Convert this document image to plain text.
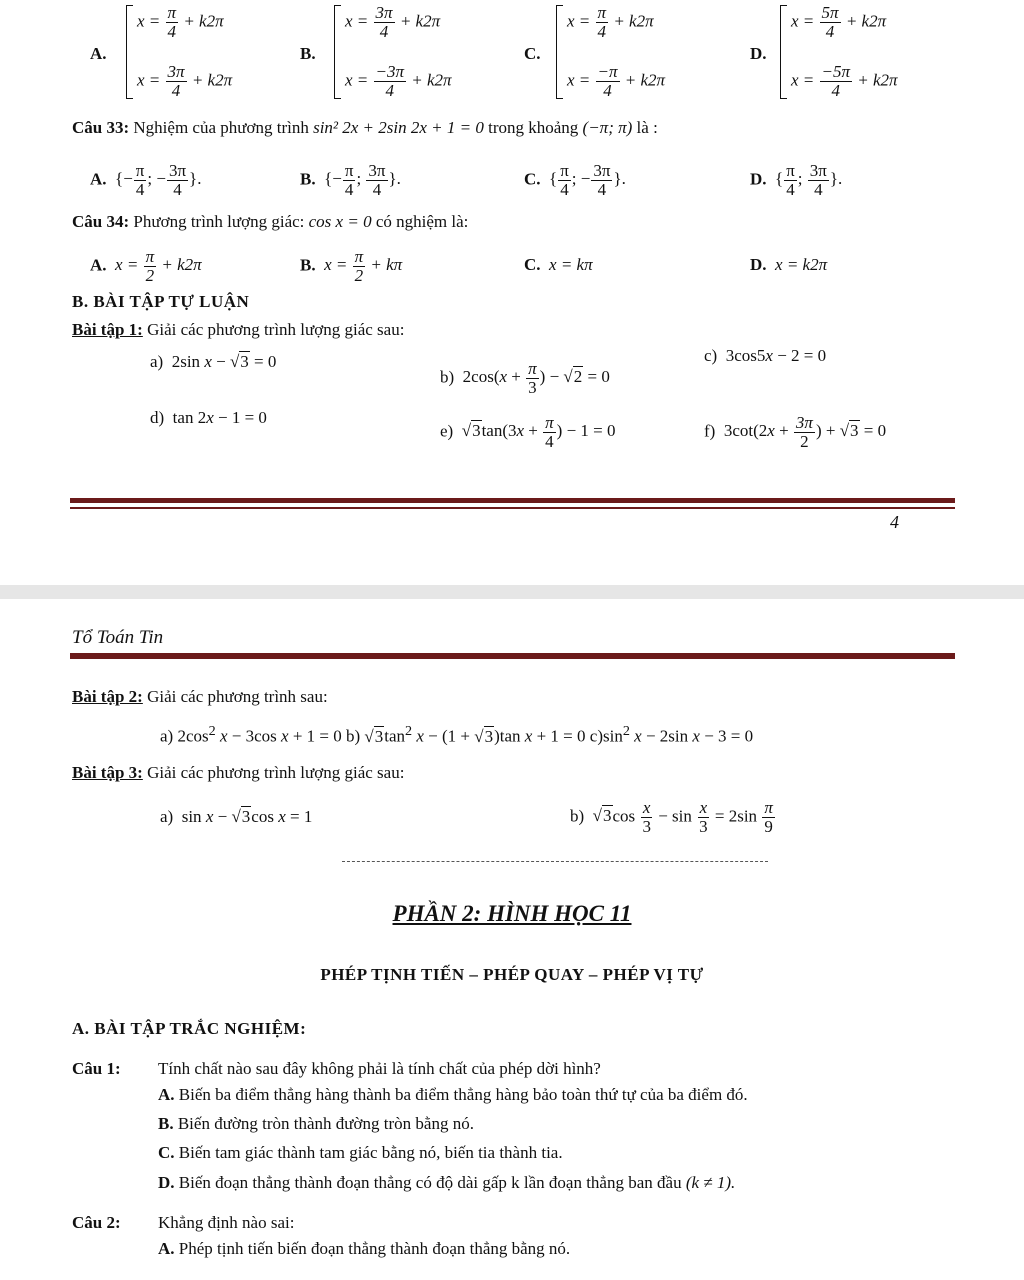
A.
$x = \frac{\pi}{4} + k2\pi$
$x = \frac{3\pi}{4} + k2\pi$
B.
$x = \frac{3\pi}{4} + k2\pi$
$x = \frac{-3\pi}{4} + k2\pi$
C.
$x = \frac{\pi}{4} + k2\pi$
$x = \frac{-\pi}{4} + k2\pi$
D.
$x = \frac{5\pi}{4} + k2\pi$
$x = \frac{-5\pi}{4} + k2\pi$
Câu 33: Nghiệm của phương trình sin² 2x + 2sin 2x + 1 = 0 trong khoảng (−π; π) là :
A. {− $\frac{\pi}{4}$ ; − $\frac{3\pi}{4}$ }.	B. {− $\frac{\pi}{4}$ ; $\frac{3\pi}{4}$ }.	C. { $\frac{\pi}{4}$ ; − $\frac{3\pi}{4}$ }.	D. { $\frac{\pi}{4}$ ; $\frac{3\pi}{4}$ }.
Câu 34: Phương trình lượng giác: cos x = 0 có nghiệm là:
A. $x = \frac{\pi}{2} + k2\pi$	B. $x = \frac{\pi}{2} + k\pi$	C. x = kπ	D. x = k2π
B. BÀI TẬP TỰ LUẬN
Bài tập 1: Giải các phương trình lượng giác sau:
a) 2sin x − √3 = 0
b) $2\cos(x + \frac{\pi}{3}$ ) − √2 = 0
c) 3cos5x − 2 = 0
d) tan 2x − 1 = 0
e) $√3\tan(3x + \frac{\pi}{4}$ ) − 1 = 0	f) $3\cot(2x + \frac{3\pi}{2}$ ) + √3 = 0
4
Tổ Toán Tin
Bài tập 2: Giải các phương trình sau:
a) $2\cos^2$ x − 3cos x + 1 = 0 b) $√3\tan^2$ x − (1 + √3)tan x + 1 = 0 $c)\sin^2$ x − 2sin x − 3 = 0
Bài tập 3: Giải các phương trình lượng giác sau:
a)  sin x − √3cos x = 1	b) $√3\cos \frac{x}{3} - \sin \frac{x}{3} = 2\sin \frac{\pi}{9}$
PHẦN 2: HÌNH HỌC 11
PHÉP TỊNH TIẾN – PHÉP QUAY – PHÉP VỊ TỰ
A. BÀI TẬP TRẮC NGHIỆM:
Câu 1: Tính chất nào sau đây không phải là tính chất của phép dời hình?
A. Biến ba điểm thẳng hàng thành ba điểm thẳng hàng bảo toàn thứ tự của ba điểm đó.
B. Biến đường tròn thành đường tròn bằng nó.
C. Biến tam giác thành tam giác bằng nó, biến tia thành tia.
D. Biến đoạn thẳng thành đoạn thẳng có độ dài gấp k lần đoạn thẳng ban đầu (k ≠ 1).
Câu 2: Khẳng định nào sai:
A. Phép tịnh tiến biến đoạn thẳng thành đoạn thẳng bằng nó.
